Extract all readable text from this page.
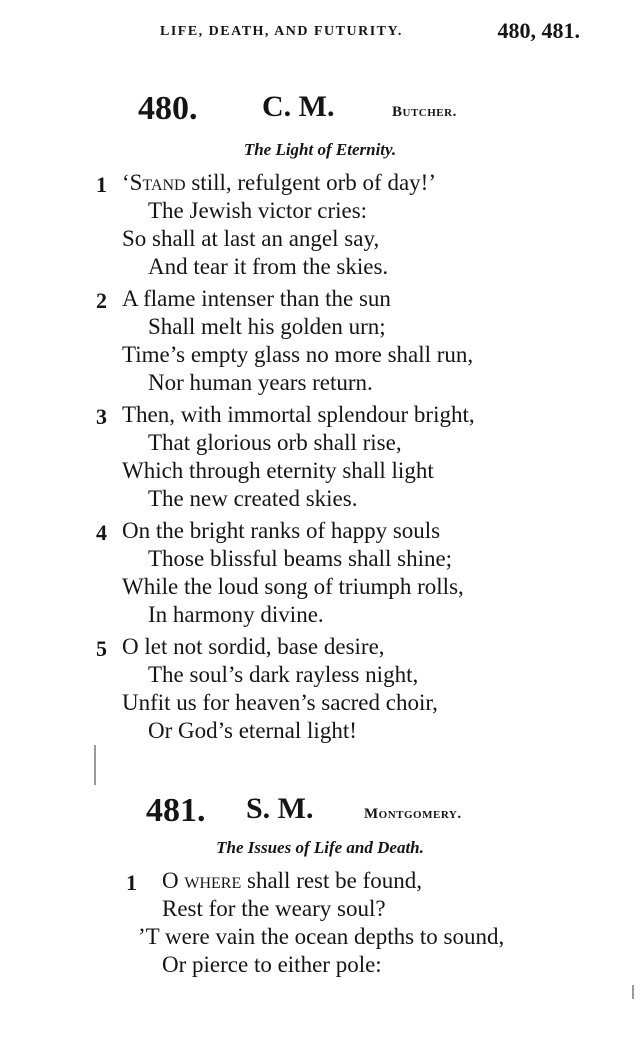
LIFE, DEATH, AND FUTURITY.	480, 481.
480. C. M.	Butcher.
The Light of Eternity.
1 ‘Stand still, refulgent orb of day!’
The Jewish victor cries:
So shall at last an angel say,
And tear it from the skies.
2 A flame intenser than the sun
Shall melt his golden urn;
Time’s empty glass no more shall run,
Nor human years return.
3 Then, with immortal splendour bright,
That glorious orb shall rise,
Which through eternity shall light
The new created skies.
4 On the bright ranks of happy souls
Those blissful beams shall shine;
While the loud song of triumph rolls,
In harmony divine.
5 O let not sordid, base desire,
The soul’s dark rayless night,
Unfit us for heaven’s sacred choir,
Or God’s eternal light!
481. S. M.	Montgomery.
The Issues of Life and Death.
1 O where shall rest be found,
Rest for the weary soul?
’T were vain the ocean depths to sound,
Or pierce to either pole:
